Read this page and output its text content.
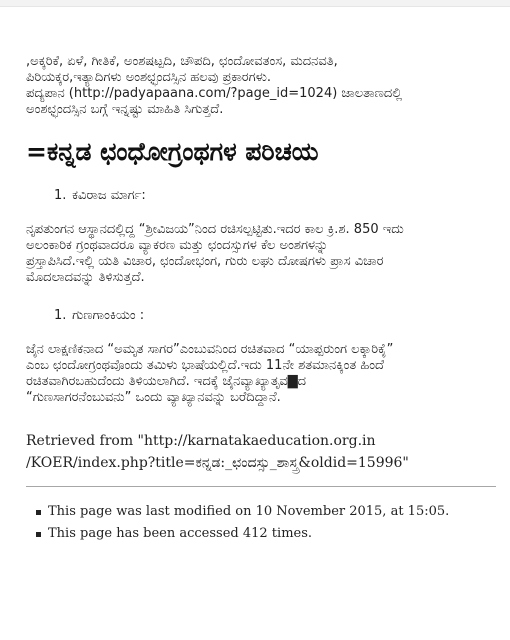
,ಅಕ್ಕರಿಕೆ, ಏಳೆ, ಗೀತಿಕೆ, ಅಂಶಷಟ್ಪದಿ, ಚೌಪದಿ, ಛಂದೋವತಂಸ, ಮದನವತಿ,
ಪಿರಿಯಕ್ಕರ,ಇತ್ಯಾದಿಗಳು ಅಂಶಛ್ಛಂದಸ್ಸಿನ ಹಲವು ಪ್ರಕಾರಗಳು.
ಪದ್ಯಪಾನ (http://padyapaana.com/?page_id=1024) ಜಾಲತಾಣದಲ್ಲಿ
ಅಂಶಛ್ಛಂದಸ್ಸಿನ ಬಗ್ಗೆ ಇನ್ನಷ್ಟು ಮಾಹಿತಿ ಸಿಗುತ್ತದೆ.

=ಕನ್ನಡ ಛಂಧೋಗ್ರಂಥಗಳ ಪರಿಚಯ
1. ಕವಿರಾಜ ಮಾರ್ಗ:

ನೃಪತುಂಗನ ಆಸ್ಥಾನದಲ್ಲಿದ್ದ “ಶ್ರೀವಿಜಯ”ನಿಂದ ರಚಿಸಲ್ಪಟ್ಟಿತು.ಇದರ ಕಾಲ ಕ್ರಿ.ಶ. 850 ಇದು
ಅಲಂಕಾರಿಕ ಗ್ರಂಥವಾದರೂ ವ್ಯಾಕರಣ ಮತ್ತು ಛಂದಸ್ಸುಗಳ ಕೆಲ ಅಂಶಗಳನ್ನು
ಪ್ರಸ್ತಾಪಿಸಿದೆ.ಇಲ್ಲಿ ಯತಿ ವಿಚಾರ, ಛಂದೋಭಂಗ, ಗುರು ಲಘು ದೋಷಗಳು ಪ್ರಾಸ ವಿಚಾರ
ಮೊದಲಾದವನ್ನು ತಿಳಿಸುತ್ತದೆ.

1. ಗುಣಗಾಂಕಿಯಂ :

ಜೈನ ಲಾಕ್ಷಣಿಕನಾದ “ಅಮೃತ ಸಾಗರ”ಎಂಬುವನಿಂದ ರಚಿತವಾದ “ಯಾಪ್ಪರುಂಗ ಲಕ್ಕಾರಿಕೈ”
ಎಂಬ ಛಂದೋಗ್ರಂಥವೊಂದು ತಮಿಳು ಭಾಷೆಯಲ್ಲಿದೆ.ಇದು 11ನೇ ಶತಮಾನಕ್ಕಿಂತ ಹಿಂದೆ
ರಚಿತವಾಗಿರಬಹುದೆಂದು ತಿಳಿಯಲಾಗಿದೆ. ಇದಕ್ಕೆ ಜೈನವ್ಯಾಖ್ಯಾತೃವ▇ದ
“ಗುಣಸಾಗರನೆಂಬುವನು” ಒಂದು ವ್ಯಾಖ್ಯಾನವನ್ನು ಬರೆದಿದ್ದಾನೆ.

Retrieved from "http://karnatakaeducation.org.in
/KOER/index.php?title=ಕನ್ನಡ:_ಛಂದಸ್ಸು_ಶಾಸ್ತ್ರ&oldid=15996"

This page was last modified on 10 November 2015, at 15:05.
This page has been accessed 412 times.
